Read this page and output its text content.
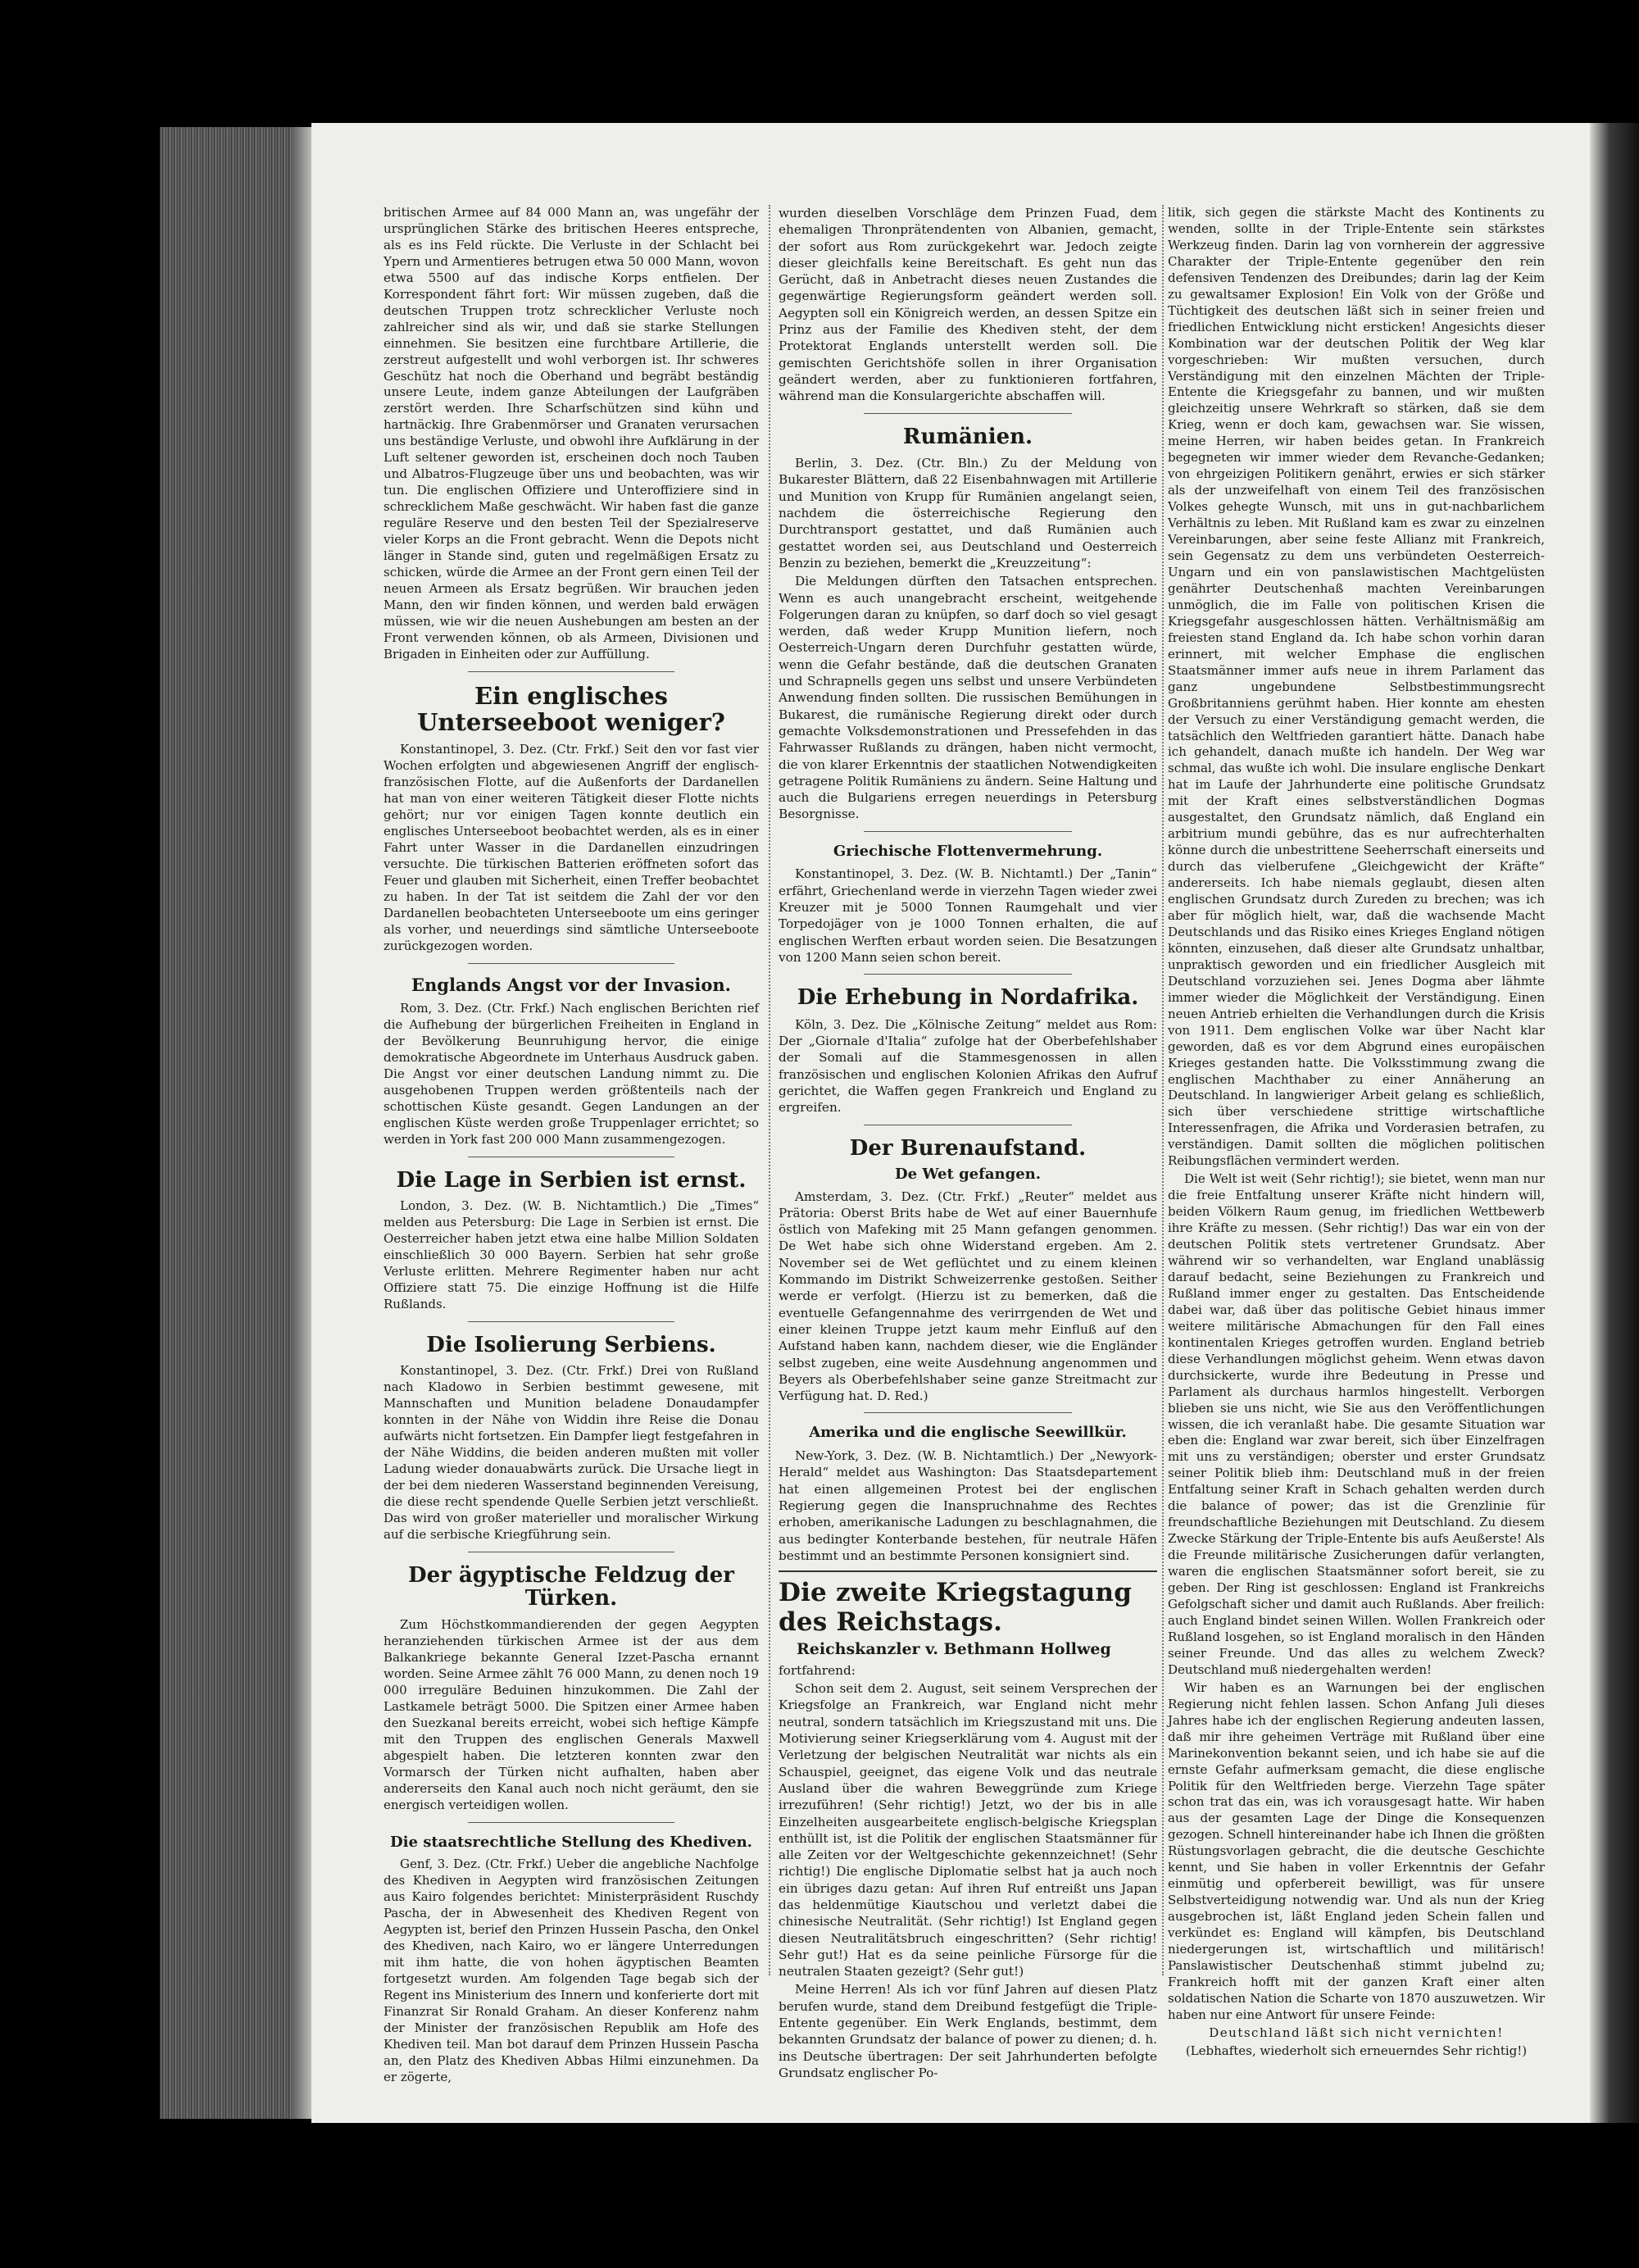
britischen Armee auf 84 000 Mann an, was ungefähr der ursprünglichen Stärke des britischen Heeres entspreche, als es ins Feld rückte. Die Verluste in der Schlacht bei Ypern und Armentieres betrugen etwa 50 000 Mann, wovon etwa 5500 auf das indische Korps entfielen. Der Korrespondent fährt fort: Wir müssen zugeben, daß die deutschen Truppen trotz schrecklicher Verluste noch zahlreicher sind als wir, und daß sie starke Stellungen einnehmen. Sie besitzen eine furchtbare Artillerie, die zerstreut aufgestellt und wohl verborgen ist. Ihr schweres Geschütz hat noch die Oberhand und begräbt beständig unsere Leute, indem ganze Abteilungen der Laufgräben zerstört werden. Ihre Scharfschützen sind kühn und hartnäckig. Ihre Grabenmörser und Granaten verursachen uns beständige Verluste, und obwohl ihre Aufklärung in der Luft seltener geworden ist, erscheinen doch noch Tauben und Albatros-Flugzeuge über uns und beobachten, was wir tun. Die englischen Offiziere und Unteroffiziere sind in schrecklichem Maße geschwächt. Wir haben fast die ganze reguläre Reserve und den besten Teil der Spezialreserve vieler Korps an die Front gebracht. Wenn die Depots nicht länger in Stande sind, guten und regelmäßigen Ersatz zu schicken, würde die Armee an der Front gern einen Teil der neuen Armeen als Ersatz begrüßen. Wir brauchen jeden Mann, den wir finden können, und werden bald erwägen müssen, wie wir die neuen Aushebungen am besten an der Front verwenden können, ob als Armeen, Divisionen und Brigaden in Einheiten oder zur Auffüllung.

Ein englisches Unterseeboot weniger?

Konstantinopel, 3. Dez. (Ctr. Frkf.) Seit den vor fast vier Wochen erfolgten und abgewiesenen Angriff der englisch-französischen Flotte, auf die Außenforts der Dardanellen hat man von einer weiteren Tätigkeit dieser Flotte nichts gehört; nur vor einigen Tagen konnte deutlich ein englisches Unterseeboot beobachtet werden, als es in einer Fahrt unter Wasser in die Dardanellen einzudringen versuchte. Die türkischen Batterien eröffneten sofort das Feuer und glauben mit Sicherheit, einen Treffer beobachtet zu haben. In der Tat ist seitdem die Zahl der vor den Dardanellen beobachteten Unterseeboote um eins geringer als vorher, und neuerdings sind sämtliche Unterseeboote zurückgezogen worden.

Englands Angst vor der Invasion.

Rom, 3. Dez. (Ctr. Frkf.) Nach englischen Berichten rief die Aufhebung der bürgerlichen Freiheiten in England in der Bevölkerung Beunruhigung hervor, die einige demokratische Abgeordnete im Unterhaus Ausdruck gaben. Die Angst vor einer deutschen Landung nimmt zu. Die ausgehobenen Truppen werden größtenteils nach der schottischen Küste gesandt. Gegen Landungen an der englischen Küste werden große Truppenlager errichtet; so werden in York fast 200 000 Mann zusammengezogen.

Die Lage in Serbien ist ernst.

London, 3. Dez. (W. B. Nichtamtlich.) Die „Times“ melden aus Petersburg: Die Lage in Serbien ist ernst. Die Oesterreicher haben jetzt etwa eine halbe Million Soldaten einschließlich 30 000 Bayern. Serbien hat sehr große Verluste erlitten. Mehrere Regimenter haben nur acht Offiziere statt 75. Die einzige Hoffnung ist die Hilfe Rußlands.

Die Isolierung Serbiens.

Konstantinopel, 3. Dez. (Ctr. Frkf.) Drei von Rußland nach Kladowo in Serbien bestimmt gewesene, mit Mannschaften und Munition beladene Donaudampfer konnten in der Nähe von Widdin ihre Reise die Donau aufwärts nicht fortsetzen. Ein Dampfer liegt festgefahren in der Nähe Widdins, die beiden anderen mußten mit voller Ladung wieder donauabwärts zurück. Die Ursache liegt in der bei dem niederen Wasserstand beginnenden Vereisung, die diese recht spendende Quelle Serbien jetzt verschließt. Das wird von großer materieller und moralischer Wirkung auf die serbische Kriegführung sein.

Der ägyptische Feldzug der Türken.

Zum Höchstkommandierenden der gegen Aegypten heranziehenden türkischen Armee ist der aus dem Balkankriege bekannte General Izzet-Pascha ernannt worden. Seine Armee zählt 76 000 Mann, zu denen noch 19 000 irreguläre Beduinen hinzukommen. Die Zahl der Lastkamele beträgt 5000. Die Spitzen einer Armee haben den Suezkanal bereits erreicht, wobei sich heftige Kämpfe mit den Truppen des englischen Generals Maxwell abgespielt haben. Die letzteren konnten zwar den Vormarsch der Türken nicht aufhalten, haben aber andererseits den Kanal auch noch nicht geräumt, den sie energisch verteidigen wollen.

Die staatsrechtliche Stellung des Khediven.

Genf, 3. Dez. (Ctr. Frkf.) Ueber die angebliche Nachfolge des Khediven in Aegypten wird französischen Zeitungen aus Kairo folgendes berichtet: Ministerpräsident Ruschdy Pascha, der in Abwesenheit des Khediven Regent von Aegypten ist, berief den Prinzen Hussein Pascha, den Onkel des Khediven, nach Kairo, wo er längere Unterredungen mit ihm hatte, die von hohen ägyptischen Beamten fortgesetzt wurden. Am folgenden Tage begab sich der Regent ins Ministerium des Innern und konferierte dort mit Finanzrat Sir Ronald Graham. An dieser Konferenz nahm der Minister der französischen Republik am Hofe des Khediven teil. Man bot darauf dem Prinzen Hussein Pascha an, den Platz des Khediven Abbas Hilmi einzunehmen. Da er zögerte,

wurden dieselben Vorschläge dem Prinzen Fuad, dem ehemaligen Thronprätendenten von Albanien, gemacht, der sofort aus Rom zurückgekehrt war. Jedoch zeigte dieser gleichfalls keine Bereitschaft. Es geht nun das Gerücht, daß in Anbetracht dieses neuen Zustandes die gegenwärtige Regierungsform geändert werden soll. Aegypten soll ein Königreich werden, an dessen Spitze ein Prinz aus der Familie des Khediven steht, der dem Protektorat Englands unterstellt werden soll. Die gemischten Gerichtshöfe sollen in ihrer Organisation geändert werden, aber zu funktionieren fortfahren, während man die Konsulargerichte abschaffen will.

Rumänien.

Berlin, 3. Dez. (Ctr. Bln.) Zu der Meldung von Bukarester Blättern, daß 22 Eisenbahnwagen mit Artillerie und Munition von Krupp für Rumänien angelangt seien, nachdem die österreichische Regierung den Durchtransport gestattet, und daß Rumänien auch gestattet worden sei, aus Deutschland und Oesterreich Benzin zu beziehen, bemerkt die „Kreuzzeitung“:

Die Meldungen dürften den Tatsachen entsprechen. Wenn es auch unangebracht erscheint, weitgehende Folgerungen daran zu knüpfen, so darf doch so viel gesagt werden, daß weder Krupp Munition liefern, noch Oesterreich-Ungarn deren Durchfuhr gestatten würde, wenn die Gefahr bestände, daß die deutschen Granaten und Schrapnells gegen uns selbst und unsere Verbündeten Anwendung finden sollten. Die russischen Bemühungen in Bukarest, die rumänische Regierung direkt oder durch gemachte Volksdemonstrationen und Pressefehden in das Fahrwasser Rußlands zu drängen, haben nicht vermocht, die von klarer Erkenntnis der staatlichen Notwendigkeiten getragene Politik Rumäniens zu ändern. Seine Haltung und auch die Bulgariens erregen neuerdings in Petersburg Besorgnisse.

Griechische Flottenvermehrung.

Konstantinopel, 3. Dez. (W. B. Nichtamtl.) Der „Tanin“ erfährt, Griechenland werde in vierzehn Tagen wieder zwei Kreuzer mit je 5000 Tonnen Raumgehalt und vier Torpedojäger von je 1000 Tonnen erhalten, die auf englischen Werften erbaut worden seien. Die Besatzungen von 1200 Mann seien schon bereit.

Die Erhebung in Nordafrika.

Köln, 3. Dez. Die „Kölnische Zeitung“ meldet aus Rom: Der „Giornale d'Italia“ zufolge hat der Oberbefehlshaber der Somali auf die Stammesgenossen in allen französischen und englischen Kolonien Afrikas den Aufruf gerichtet, die Waffen gegen Frankreich und England zu ergreifen.

Der Burenaufstand.
De Wet gefangen.

Amsterdam, 3. Dez. (Ctr. Frkf.) „Reuter“ meldet aus Prätoria: Oberst Brits habe de Wet auf einer Bauernhufe östlich von Mafeking mit 25 Mann gefangen genommen. De Wet habe sich ohne Widerstand ergeben. Am 2. November sei de Wet geflüchtet und zu einem kleinen Kommando im Distrikt Schweizerrenke gestoßen. Seither werde er verfolgt. (Hierzu ist zu bemerken, daß die eventuelle Gefangennahme des verirrgenden de Wet und einer kleinen Truppe jetzt kaum mehr Einfluß auf den Aufstand haben kann, nachdem dieser, wie die Engländer selbst zugeben, eine weite Ausdehnung angenommen und Beyers als Oberbefehlshaber seine ganze Streitmacht zur Verfügung hat. D. Red.)

Amerika und die englische Seewillkür.

New-York, 3. Dez. (W. B. Nichtamtlich.) Der „Newyork-Herald“ meldet aus Washington: Das Staatsdepartement hat einen allgemeinen Protest bei der englischen Regierung gegen die Inanspruchnahme des Rechtes erhoben, amerikanische Ladungen zu beschlagnahmen, die aus bedingter Konterbande bestehen, für neutrale Häfen bestimmt und an bestimmte Personen konsigniert sind.

Die zweite Kriegstagung des Reichstags.
Reichskanzler v. Bethmann Hollweg

fortfahrend:

Schon seit dem 2. August, seit seinem Versprechen der Kriegsfolge an Frankreich, war England nicht mehr neutral, sondern tatsächlich im Kriegszustand mit uns. Die Motivierung seiner Kriegserklärung vom 4. August mit der Verletzung der belgischen Neutralität war nichts als ein Schauspiel, geeignet, das eigene Volk und das neutrale Ausland über die wahren Beweggründe zum Kriege irrezuführen! (Sehr richtig!) Jetzt, wo der bis in alle Einzelheiten ausgearbeitete englisch-belgische Kriegsplan enthüllt ist, ist die Politik der englischen Staatsmänner für alle Zeiten vor der Weltgeschichte gekennzeichnet! (Sehr richtig!) Die englische Diplomatie selbst hat ja auch noch ein übriges dazu getan: Auf ihren Ruf entreißt uns Japan das heldenmütige Kiautschou und verletzt dabei die chinesische Neutralität. (Sehr richtig!) Ist England gegen diesen Neutralitätsbruch eingeschritten? (Sehr richtig! Sehr gut!) Hat es da seine peinliche Fürsorge für die neutralen Staaten gezeigt? (Sehr gut!)

Meine Herren! Als ich vor fünf Jahren auf diesen Platz berufen wurde, stand dem Dreibund festgefügt die Triple-Entente gegenüber. Ein Werk Englands, bestimmt, dem bekannten Grundsatz der balance of power zu dienen; d. h. ins Deutsche übertragen: Der seit Jahrhunderten befolgte Grundsatz englischer Po-

litik, sich gegen die stärkste Macht des Kontinents zu wenden, sollte in der Triple-Entente sein stärkstes Werkzeug finden. Darin lag von vornherein der aggressive Charakter der Triple-Entente gegenüber den rein defensiven Tendenzen des Dreibundes; darin lag der Keim zu gewaltsamer Explosion! Ein Volk von der Größe und Tüchtigkeit des deutschen läßt sich in seiner freien und friedlichen Entwicklung nicht ersticken! Angesichts dieser Kombination war der deutschen Politik der Weg klar vorgeschrieben: Wir mußten versuchen, durch Verständigung mit den einzelnen Mächten der Triple-Entente die Kriegsgefahr zu bannen, und wir mußten gleichzeitig unsere Wehrkraft so stärken, daß sie dem Krieg, wenn er doch kam, gewachsen war. Sie wissen, meine Herren, wir haben beides getan. In Frankreich begegneten wir immer wieder dem Revanche-Gedanken; von ehrgeizigen Politikern genährt, erwies er sich stärker als der unzweifelhaft von einem Teil des französischen Volkes gehegte Wunsch, mit uns in gut-nachbarlichem Verhältnis zu leben. Mit Rußland kam es zwar zu einzelnen Vereinbarungen, aber seine feste Allianz mit Frankreich, sein Gegensatz zu dem uns verbündeten Oesterreich-Ungarn und ein von panslawistischen Machtgelüsten genährter Deutschenhaß machten Vereinbarungen unmöglich, die im Falle von politischen Krisen die Kriegsgefahr ausgeschlossen hätten. Verhältnismäßig am freiesten stand England da. Ich habe schon vorhin daran erinnert, mit welcher Emphase die englischen Staatsmänner immer aufs neue in ihrem Parlament das ganz ungebundene Selbstbestimmungsrecht Großbritanniens gerühmt haben. Hier konnte am ehesten der Versuch zu einer Verständigung gemacht werden, die tatsächlich den Weltfrieden garantiert hätte. Danach habe ich gehandelt, danach mußte ich handeln. Der Weg war schmal, das wußte ich wohl. Die insulare englische Denkart hat im Laufe der Jahrhunderte eine politische Grundsatz mit der Kraft eines selbstverständlichen Dogmas ausgestaltet, den Grundsatz nämlich, daß England ein arbitrium mundi gebühre, das es nur aufrechterhalten könne durch die unbestrittene Seeherrschaft einerseits und durch das vielberufene „Gleichgewicht der Kräfte“ andererseits. Ich habe niemals geglaubt, diesen alten englischen Grundsatz durch Zureden zu brechen; was ich aber für möglich hielt, war, daß die wachsende Macht Deutschlands und das Risiko eines Krieges England nötigen könnten, einzusehen, daß dieser alte Grundsatz unhaltbar, unpraktisch geworden und ein friedlicher Ausgleich mit Deutschland vorzuziehen sei. Jenes Dogma aber lähmte immer wieder die Möglichkeit der Verständigung. Einen neuen Antrieb erhielten die Verhandlungen durch die Krisis von 1911. Dem englischen Volke war über Nacht klar geworden, daß es vor dem Abgrund eines europäischen Krieges gestanden hatte. Die Volksstimmung zwang die englischen Machthaber zu einer Annäherung an Deutschland. In langwieriger Arbeit gelang es schließlich, sich über verschiedene strittige wirtschaftliche Interessenfragen, die Afrika und Vorderasien betrafen, zu verständigen. Damit sollten die möglichen politischen Reibungsflächen vermindert werden.

Die Welt ist weit (Sehr richtig!); sie bietet, wenn man nur die freie Entfaltung unserer Kräfte nicht hindern will, beiden Völkern Raum genug, im friedlichen Wettbewerb ihre Kräfte zu messen. (Sehr richtig!) Das war ein von der deutschen Politik stets vertretener Grundsatz. Aber während wir so verhandelten, war England unablässig darauf bedacht, seine Beziehungen zu Frankreich und Rußland immer enger zu gestalten. Das Entscheidende dabei war, daß über das politische Gebiet hinaus immer weitere militärische Abmachungen für den Fall eines kontinentalen Krieges getroffen wurden. England betrieb diese Verhandlungen möglichst geheim. Wenn etwas davon durchsickerte, wurde ihre Bedeutung in Presse und Parlament als durchaus harmlos hingestellt. Verborgen blieben sie uns nicht, wie Sie aus den Veröffentlichungen wissen, die ich veranlaßt habe. Die gesamte Situation war eben die: England war zwar bereit, sich über Einzelfragen mit uns zu verständigen; oberster und erster Grundsatz seiner Politik blieb ihm: Deutschland muß in der freien Entfaltung seiner Kraft in Schach gehalten werden durch die balance of power; das ist die Grenzlinie für freundschaftliche Beziehungen mit Deutschland. Zu diesem Zwecke Stärkung der Triple-Entente bis aufs Aeußerste! Als die Freunde militärische Zusicherungen dafür verlangten, waren die englischen Staatsmänner sofort bereit, sie zu geben. Der Ring ist geschlossen: England ist Frankreichs Gefolgschaft sicher und damit auch Rußlands. Aber freilich: auch England bindet seinen Willen. Wollen Frankreich oder Rußland losgehen, so ist England moralisch in den Händen seiner Freunde. Und das alles zu welchem Zweck? Deutschland muß niedergehalten werden!

Wir haben es an Warnungen bei der englischen Regierung nicht fehlen lassen. Schon Anfang Juli dieses Jahres habe ich der englischen Regierung andeuten lassen, daß mir ihre geheimen Verträge mit Rußland über eine Marinekonvention bekannt seien, und ich habe sie auf die ernste Gefahr aufmerksam gemacht, die diese englische Politik für den Weltfrieden berge. Vierzehn Tage später schon trat das ein, was ich vorausgesagt hatte. Wir haben aus der gesamten Lage der Dinge die Konsequenzen gezogen. Schnell hintereinander habe ich Ihnen die größten Rüstungsvorlagen gebracht, die die deutsche Geschichte kennt, und Sie haben in voller Erkenntnis der Gefahr einmütig und opferbereit bewilligt, was für unsere Selbstverteidigung notwendig war. Und als nun der Krieg ausgebrochen ist, läßt England jeden Schein fallen und verkündet es: England will kämpfen, bis Deutschland niedergerungen ist, wirtschaftlich und militärisch! Panslawistischer Deutschenhaß stimmt jubelnd zu; Frankreich hofft mit der ganzen Kraft einer alten soldatischen Nation die Scharte von 1870 auszuwetzen. Wir haben nur eine Antwort für unsere Feinde:

Deutschland läßt sich nicht vernichten!

(Lebhaftes, wiederholt sich erneuerndes Sehr richtig!)
